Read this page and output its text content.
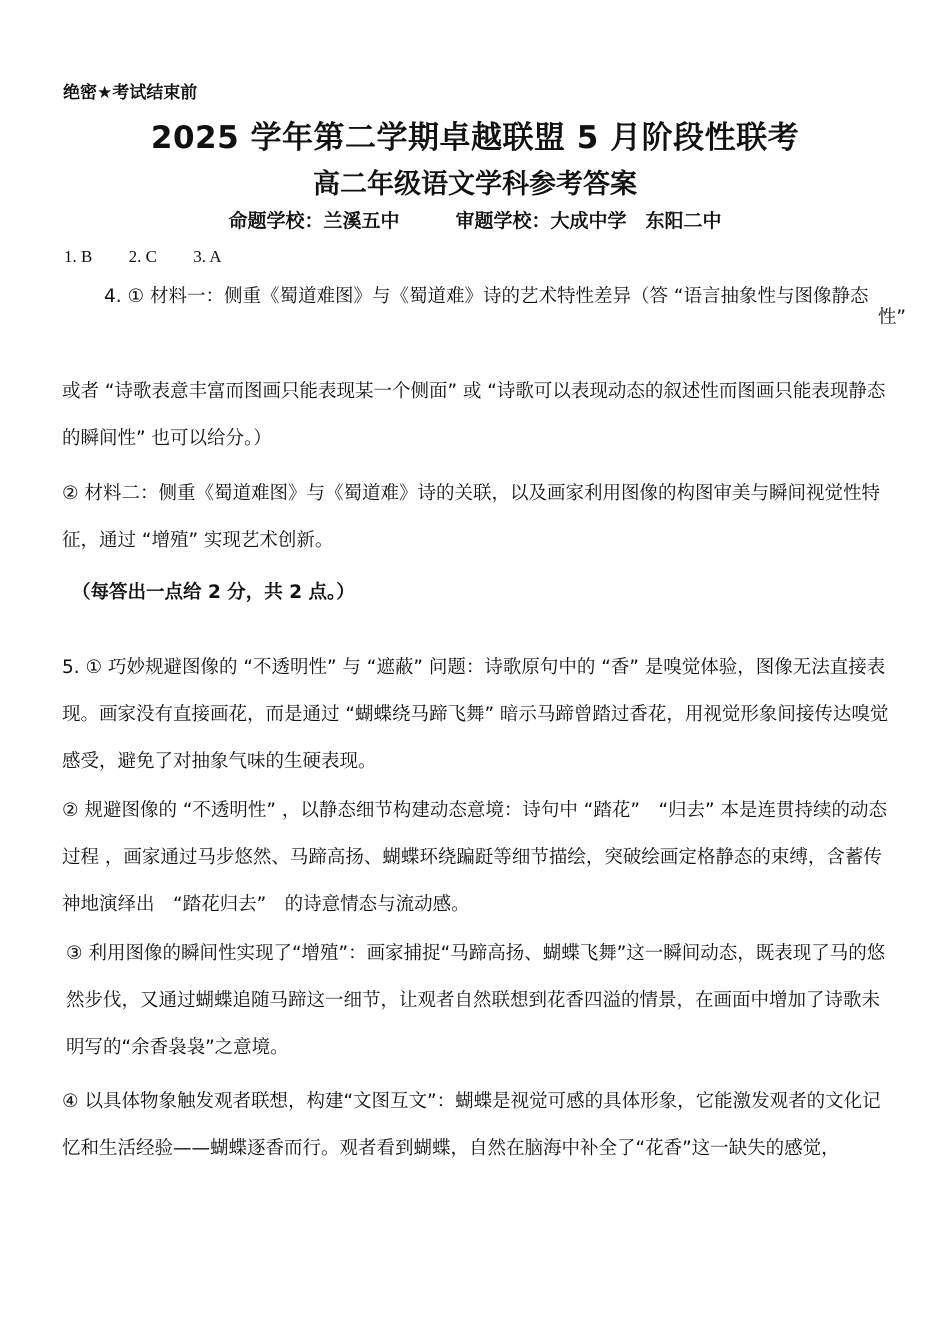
绝密★考试结束前
2025 学年第二学期卓越联盟 5 月阶段性联考
高二年级语文学科参考答案
命题学校：兰溪五中	审题学校：大成中学　东阳二中
1. B 2. C 3. A
4. ① 材料一：侧重《蜀道难图》与《蜀道难》诗的艺术特性差异（答 “语言抽象性与图像静态
性”
或者 “诗歌表意丰富而图画只能表现某一个侧面” 或 “诗歌可以表现动态的叙述性而图画只能表现静态的瞬间性” 也可以给分。）
② 材料二：侧重《蜀道难图》与《蜀道难》诗的关联，以及画家利用图像的构图审美与瞬间视觉性特征，通过 “增殖” 实现艺术创新。
（每答出一点给 2 分，共 2 点。）
5. ① 巧妙规避图像的 “不透明性” 与 “遮蔽” 问题：诗歌原句中的 “香” 是嗅觉体验，图像无法直接表现。画家没有直接画花，而是通过 “蝴蝶绕马蹄飞舞” 暗示马蹄曾踏过香花，用视觉形象间接传达嗅觉感受，避免了对抽象气味的生硬表现。
② 规避图像的 “不透明性” ，以静态细节构建动态意境：诗句中 “踏花”　“归去” 本是连贯持续的动态过程 ，画家通过马步悠然、马蹄高扬、蝴蝶环绕蹁跹等细节描绘，突破绘画定格静态的束缚，含蓄传神地演绎出　“踏花归去”　的诗意情态与流动感。
③ 利用图像的瞬间性实现了“增殖”：画家捕捉“马蹄高扬、蝴蝶飞舞”这一瞬间动态，既表现了马的悠然步伐，又通过蝴蝶追随马蹄这一细节，让观者自然联想到花香四溢的情景，在画面中增加了诗歌未明写的“余香袅袅”之意境。
④ 以具体物象触发观者联想，构建“文图互文”：蝴蝶是视觉可感的具体形象，它能激发观者的文化记忆和生活经验——蝴蝶逐香而行。观者看到蝴蝶，自然在脑海中补全了“花香”这一缺失的感觉，
